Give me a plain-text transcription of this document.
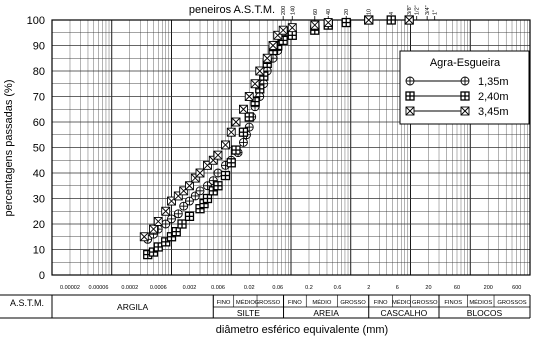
0
10
20
30
40
50
60
70
80
90
100
0.00002 0.00006 0.0002 0.0006	0.002	0.006	0.02	0.06	0.2	0.6	2	6	20	60	200	600
200 140	60 40 20	10	4 3/8" 1/2" 3/4" 1"
ARGILA
SILTE	AREIA	CASCALHO	BLOCOS
FINO MÉDIO GROSSO FINO MÉDIO GROSSO FINO MÉDIO GROSSO FINOS MÉDIOS GROSSOS
peneiros A.S.T.M.
percentagens passadas (%)
diâmetro esférico equivalente (mm)
A.S.T.M.
Agra-Esgueira
1,35m
2,40m
3,45m
